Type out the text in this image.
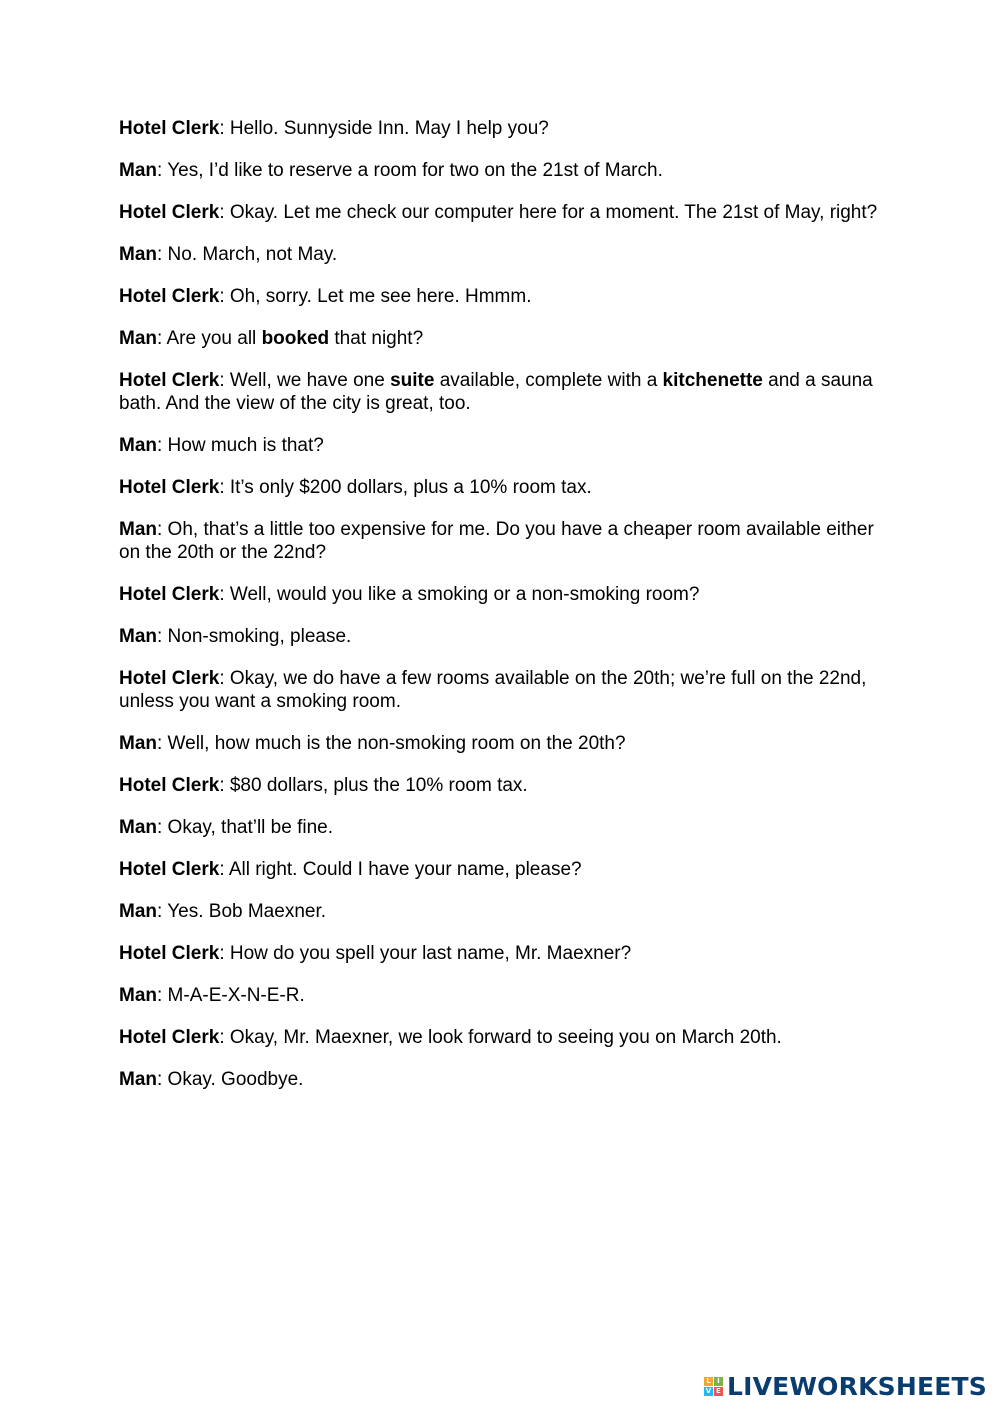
Hotel Clerk: Hello. Sunnyside Inn. May I help you?

Man: Yes, I’d like to reserve a room for two on the 21st of March.

Hotel Clerk: Okay. Let me check our computer here for a moment. The 21st of May, right?

Man: No. March, not May.

Hotel Clerk: Oh, sorry. Let me see here. Hmmm.

Man: Are you all booked that night?

Hotel Clerk: Well, we have one suite available, complete with a kitchenette and a sauna bath. And the view of the city is great, too.

Man: How much is that?

Hotel Clerk: It’s only $200 dollars, plus a 10% room tax.

Man: Oh, that’s a little too expensive for me. Do you have a cheaper room available either on the 20th or the 22nd?

Hotel Clerk: Well, would you like a smoking or a non-smoking room?

Man: Non-smoking, please.

Hotel Clerk: Okay, we do have a few rooms available on the 20th; we’re full on the 22nd, unless you want a smoking room.

Man: Well, how much is the non-smoking room on the 20th?

Hotel Clerk: $80 dollars, plus the 10% room tax.

Man: Okay, that’ll be fine.

Hotel Clerk: All right. Could I have your name, please?

Man: Yes. Bob Maexner.

Hotel Clerk: How do you spell your last name, Mr. Maexner?

Man: M-A-E-X-N-E-R.

Hotel Clerk: Okay, Mr. Maexner, we look forward to seeing you on March 20th.

Man: Okay. Goodbye.

L I
V E LIVEWORKSHEETS
